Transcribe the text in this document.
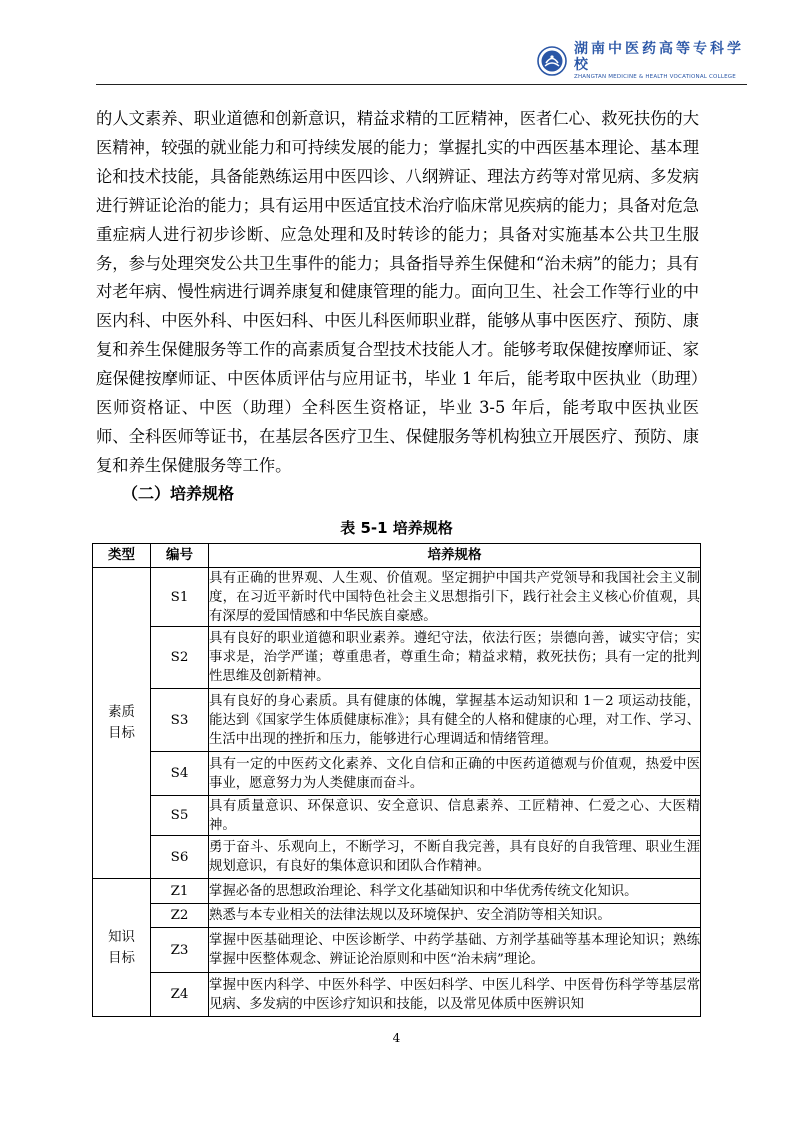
湖南中医药高等专科学校
ZHANGTAN MEDICINE & HEALTH VOCATIONAL COLLEGE

的人文素养、职业道德和创新意识，精益求精的工匠精神，医者仁心、救死扶伤的大医精神，较强的就业能力和可持续发展的能力；掌握扎实的中西医基本理论、基本理论和技术技能，具备能熟练运用中医四诊、八纲辨证、理法方药等对常见病、多发病进行辨证论治的能力；具有运用中医适宜技术治疗临床常见疾病的能力；具备对危急重症病人进行初步诊断、应急处理和及时转诊的能力；具备对实施基本公共卫生服务，参与处理突发公共卫生事件的能力；具备指导养生保健和“治未病”的能力；具有对老年病、慢性病进行调养康复和健康管理的能力。面向卫生、社会工作等行业的中医内科、中医外科、中医妇科、中医儿科医师职业群，能够从事中医医疗、预防、康复和养生保健服务等工作的高素质复合型技术技能人才。能够考取保健按摩师证、家庭保健按摩师证、中医体质评估与应用证书，毕业 1 年后，能考取中医执业（助理）医师资格证、中医（助理）全科医生资格证，毕业 3-5 年后，能考取中医执业医师、全科医师等证书，在基层各医疗卫生、保健服务等机构独立开展医疗、预防、康复和养生保健服务等工作。

（二）培养规格

表 5-1 培养规格

类型	编号	培养规格
素质目标	S1	具有正确的世界观、人生观、价值观。坚定拥护中国共产党领导和我国社会主义制度，在习近平新时代中国特色社会主义思想指引下，践行社会主义核心价值观，具有深厚的爱国情感和中华民族自豪感。
	S2	具有良好的职业道德和职业素养。遵纪守法，依法行医；崇德向善，诚实守信；实事求是，治学严谨；尊重患者，尊重生命；精益求精，救死扶伤；具有一定的批判性思维及创新精神。
	S3	具有良好的身心素质。具有健康的体魄，掌握基本运动知识和 1－2 项运动技能，能达到《国家学生体质健康标准》；具有健全的人格和健康的心理，对工作、学习、生活中出现的挫折和压力，能够进行心理调适和情绪管理。
	S4	具有一定的中医药文化素养、文化自信和正确的中医药道德观与价值观，热爱中医事业，愿意努力为人类健康而奋斗。
	S5	具有质量意识、环保意识、安全意识、信息素养、工匠精神、仁爱之心、大医精神。
	S6	勇于奋斗、乐观向上，不断学习，不断自我完善，具有良好的自我管理、职业生涯规划意识，有良好的集体意识和团队合作精神。
知识目标	Z1	掌握必备的思想政治理论、科学文化基础知识和中华优秀传统文化知识。
	Z2	熟悉与本专业相关的法律法规以及环境保护、安全消防等相关知识。
	Z3	掌握中医基础理论、中医诊断学、中药学基础、方剂学基础等基本理论知识；熟练掌握中医整体观念、辨证论治原则和中医“治未病”理论。
	Z4	掌握中医内科学、中医外科学、中医妇科学、中医儿科学、中医骨伤科学等基层常见病、多发病的中医诊疗知识和技能，以及常见体质中医辨识知

4
